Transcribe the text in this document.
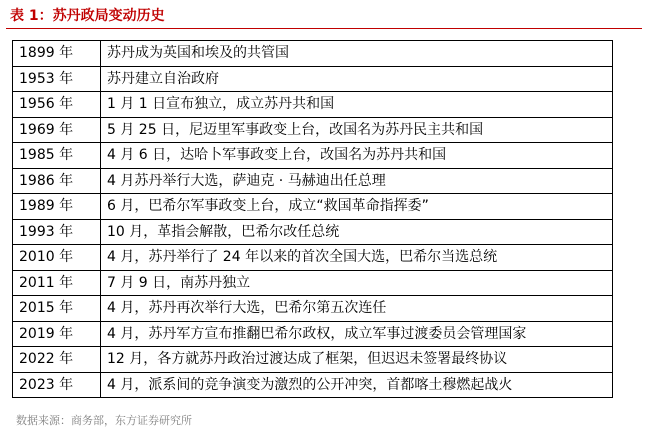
表 1：苏丹政局变动历史
1899 年	苏丹成为英国和埃及的共管国
1953 年	苏丹建立自治政府
1956 年	1 月 1 日宣布独立，成立苏丹共和国
1969 年	5 月 25 日，尼迈里军事政变上台，改国名为苏丹民主共和国
1985 年	4 月 6 日，达哈卜军事政变上台，改国名为苏丹共和国
1986 年	4 月苏丹举行大选，萨迪克 · 马赫迪出任总理
1989 年	6 月，巴希尔军事政变上台，成立“救国革命指挥委”
1993 年	10 月，革指会解散，巴希尔改任总统
2010 年	4 月，苏丹举行了 24 年以来的首次全国大选，巴希尔当选总统
2011 年	7 月 9 日，南苏丹独立
2015 年	4 月，苏丹再次举行大选，巴希尔第五次连任
2019 年	4 月，苏丹军方宣布推翻巴希尔政权，成立军事过渡委员会管理国家
2022 年	12 月，各方就苏丹政治过渡达成了框架，但迟迟未签署最终协议
2023 年	4 月，派系间的竞争演变为激烈的公开冲突，首都喀土穆燃起战火
数据来源：商务部，东方证券研究所
